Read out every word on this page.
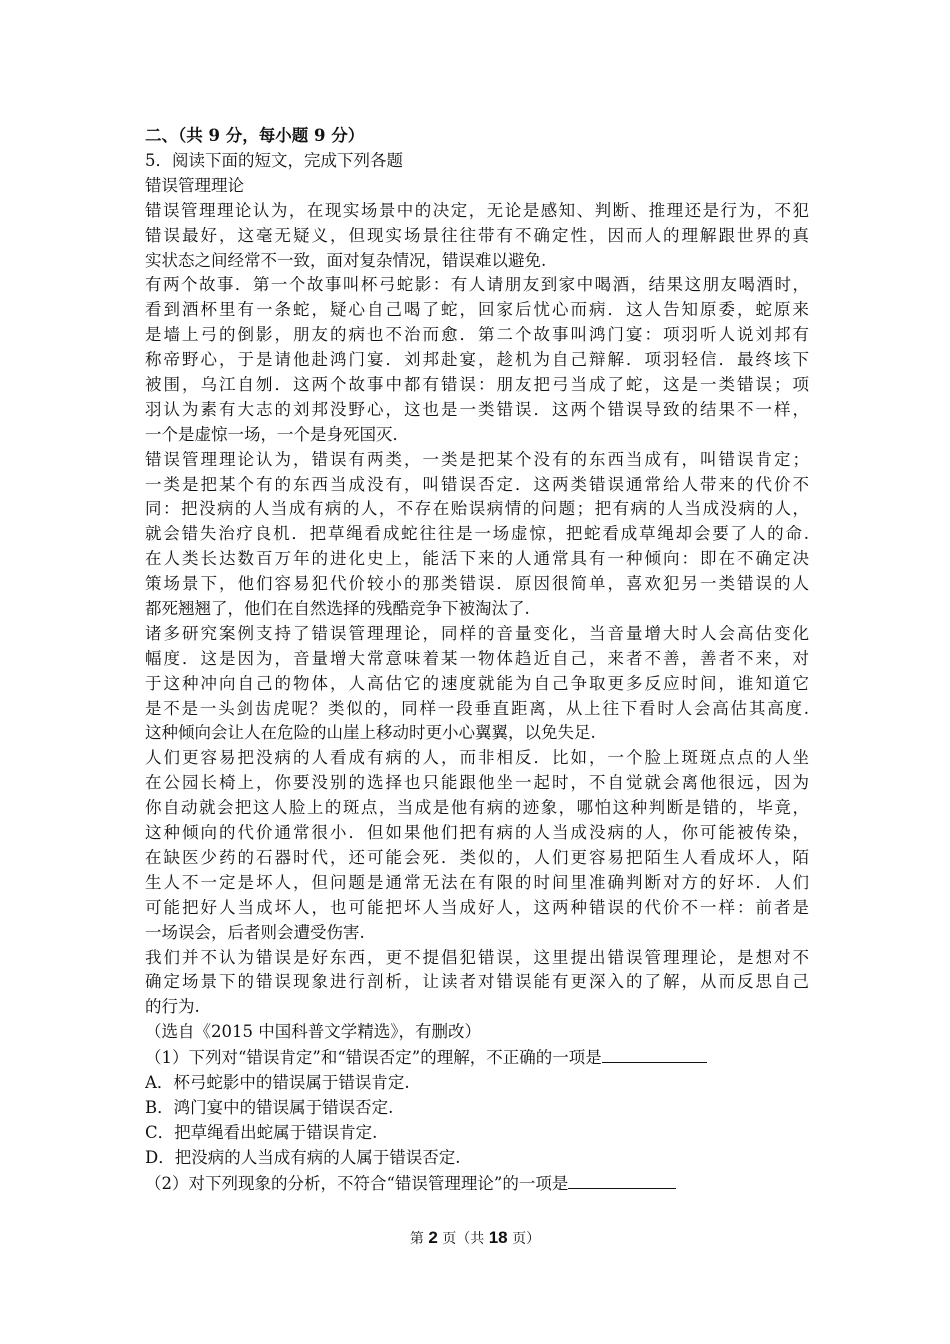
二、（共 9 分，每小题 9 分）
5．阅读下面的短文，完成下列各题
错误管理理论
错误管理理论认为，在现实场景中的决定，无论是感知、判断、推理还是行为，不犯
错误最好，这毫无疑义，但现实场景往往带有不确定性，因而人的理解跟世界的真
实状态之间经常不一致，面对复杂情况，错误难以避免.
有两个故事．第一个故事叫杯弓蛇影：有人请朋友到家中喝酒，结果这朋友喝酒时，
看到酒杯里有一条蛇，疑心自己喝了蛇，回家后忧心而病．这人告知原委，蛇原来
是墙上弓的倒影，朋友的病也不治而愈．第二个故事叫鸿门宴：项羽听人说刘邦有
称帝野心，于是请他赴鸿门宴．刘邦赴宴，趁机为自己辩解．项羽轻信．最终垓下
被围，乌江自刎．这两个故事中都有错误：朋友把弓当成了蛇，这是一类错误；项
羽认为素有大志的刘邦没野心，这也是一类错误．这两个错误导致的结果不一样，
一个是虚惊一场，一个是身死国灭．
错误管理理论认为，错误有两类，一类是把某个没有的东西当成有，叫错误肯定；
一类是把某个有的东西当成没有，叫错误否定．这两类错误通常给人带来的代价不
同：把没病的人当成有病的人，不存在贻误病情的问题；把有病的人当成没病的人，
就会错失治疗良机．把草绳看成蛇往往是一场虚惊，把蛇看成草绳却会要了人的命.
在人类长达数百万年的进化史上，能活下来的人通常具有一种倾向：即在不确定决
策场景下，他们容易犯代价较小的那类错误．原因很简单，喜欢犯另一类错误的人
都死翘翘了，他们在自然选择的残酷竞争下被淘汰了.
诸多研究案例支持了错误管理理论，同样的音量变化，当音量增大时人会高估变化
幅度．这是因为，音量增大常意味着某一物体趋近自己，来者不善，善者不来，对
于这种冲向自己的物体，人高估它的速度就能为自己争取更多反应时间，谁知道它
是不是一头剑齿虎呢？类似的，同样一段垂直距离，从上往下看时人会高估其高度.
这种倾向会让人在危险的山崖上移动时更小心翼翼，以免失足.
人们更容易把没病的人看成有病的人，而非相反．比如，一个脸上斑斑点点的人坐
在公园长椅上，你要没别的选择也只能跟他坐一起时，不自觉就会离他很远，因为
你自动就会把这人脸上的斑点，当成是他有病的迹象，哪怕这种判断是错的，毕竟，
这种倾向的代价通常很小．但如果他们把有病的人当成没病的人，你可能被传染，
在缺医少药的石器时代，还可能会死．类似的，人们更容易把陌生人看成坏人，陌
生人不一定是坏人，但问题是通常无法在有限的时间里准确判断对方的好坏．人们
可能把好人当成坏人，也可能把坏人当成好人，这两种错误的代价不一样：前者是
一场误会，后者则会遭受伤害.
我们并不认为错误是好东西，更不提倡犯错误，这里提出错误管理理论，是想对不
确定场景下的错误现象进行剖析，让读者对错误能有更深入的了解，从而反思自己
的行为.
（选自《2015 中国科普文学精选》，有删改）
（1）下列对“错误肯定”和“错误否定”的理解，不正确的一项是
A．杯弓蛇影中的错误属于错误肯定.
B．鸿门宴中的错误属于错误否定.
C．把草绳看出蛇属于错误肯定.
D．把没病的人当成有病的人属于错误否定.
（2）对下列现象的分析，不符合“错误管理理论”的一项是
第 2 页（共 18 页）
